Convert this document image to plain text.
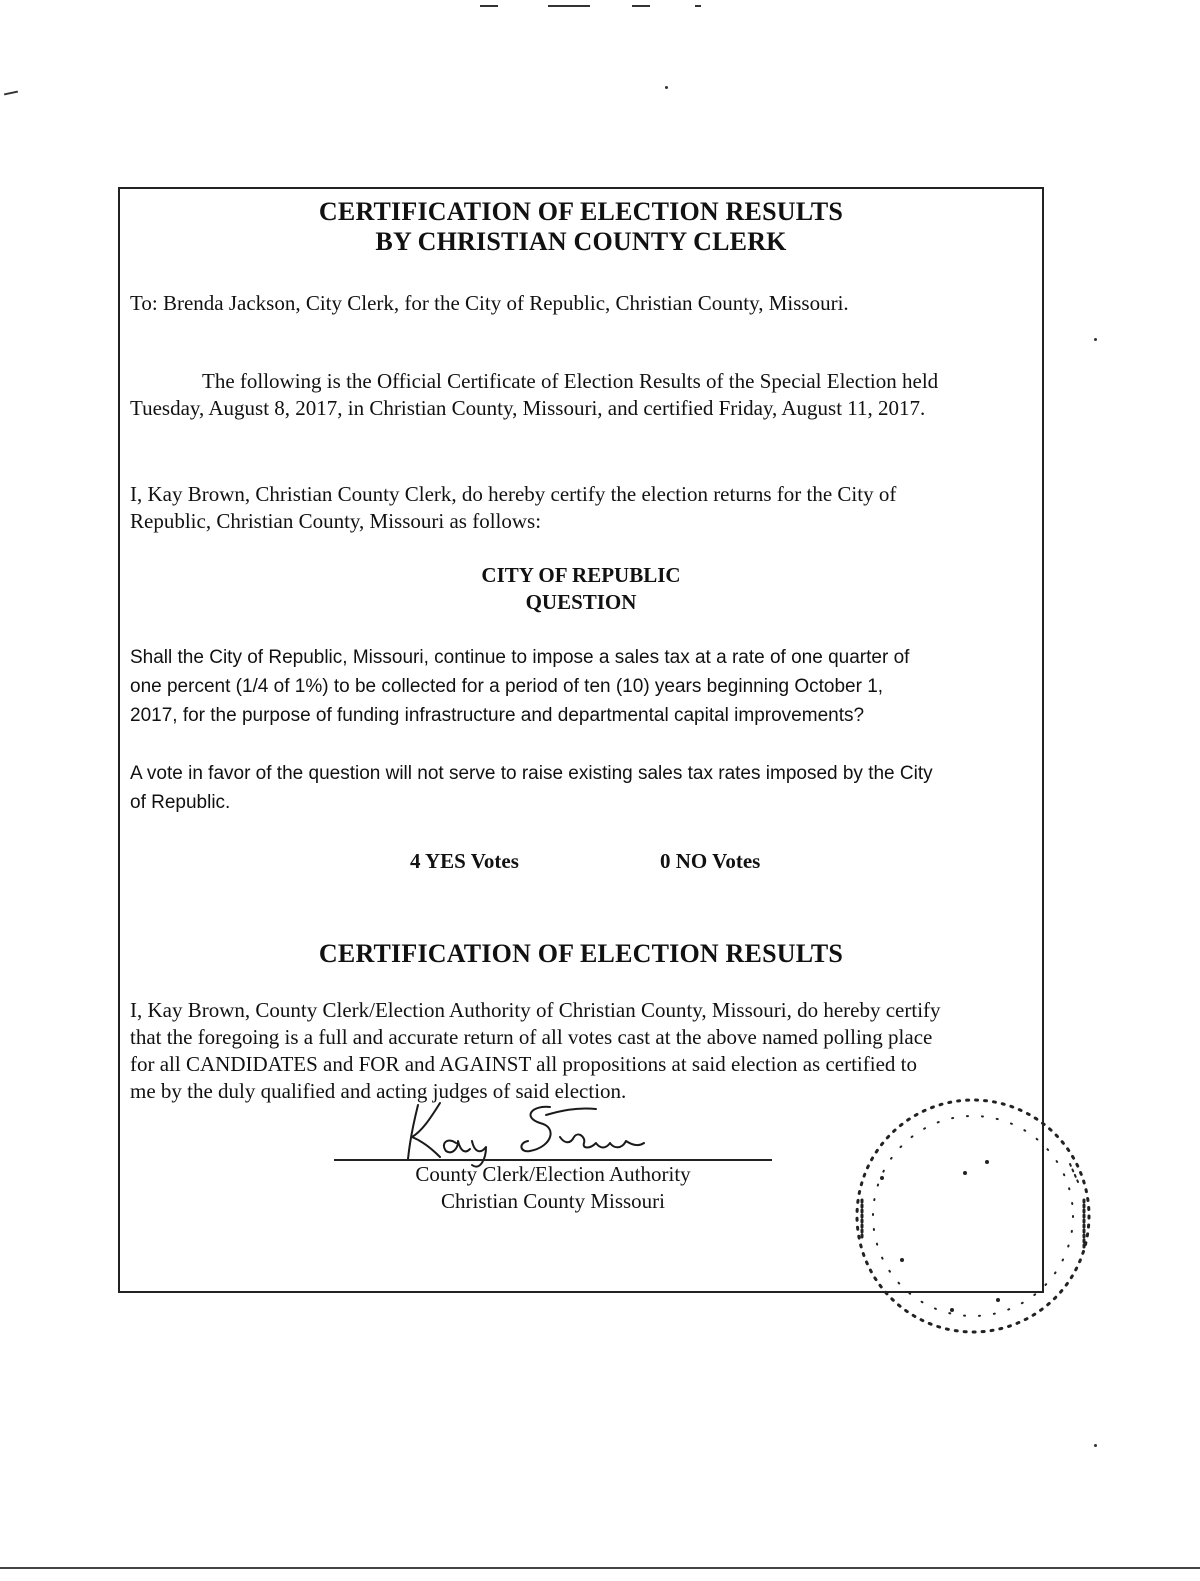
CERTIFICATION OF ELECTION RESULTS
BY CHRISTIAN COUNTY CLERK
To: Brenda Jackson, City Clerk, for the City of Republic, Christian County, Missouri.
The following is the Official Certificate of Election Results of the Special Election held
Tuesday, August 8, 2017, in Christian County, Missouri, and certified Friday, August 11, 2017.
I, Kay Brown, Christian County Clerk, do hereby certify the election returns for the City of
Republic, Christian County, Missouri as follows:
CITY OF REPUBLIC
QUESTION
Shall the City of Republic, Missouri, continue to impose a sales tax at a rate of one quarter of
one percent (1/4 of 1%) to be collected for a period of ten (10) years beginning October 1,
2017, for the purpose of funding infrastructure and departmental capital improvements?
A vote in favor of the question will not serve to raise existing sales tax rates imposed by the City
of Republic.
4 YES Votes	0 NO Votes
CERTIFICATION OF ELECTION RESULTS
I, Kay Brown, County Clerk/Election Authority of Christian County, Missouri, do hereby certify
that the foregoing is a full and accurate return of all votes cast at the above named polling place
for all CANDIDATES and FOR and AGAINST all propositions at said election as certified to
me by the duly qualified and acting judges of said election.
County Clerk/Election Authority
Christian County Missouri
